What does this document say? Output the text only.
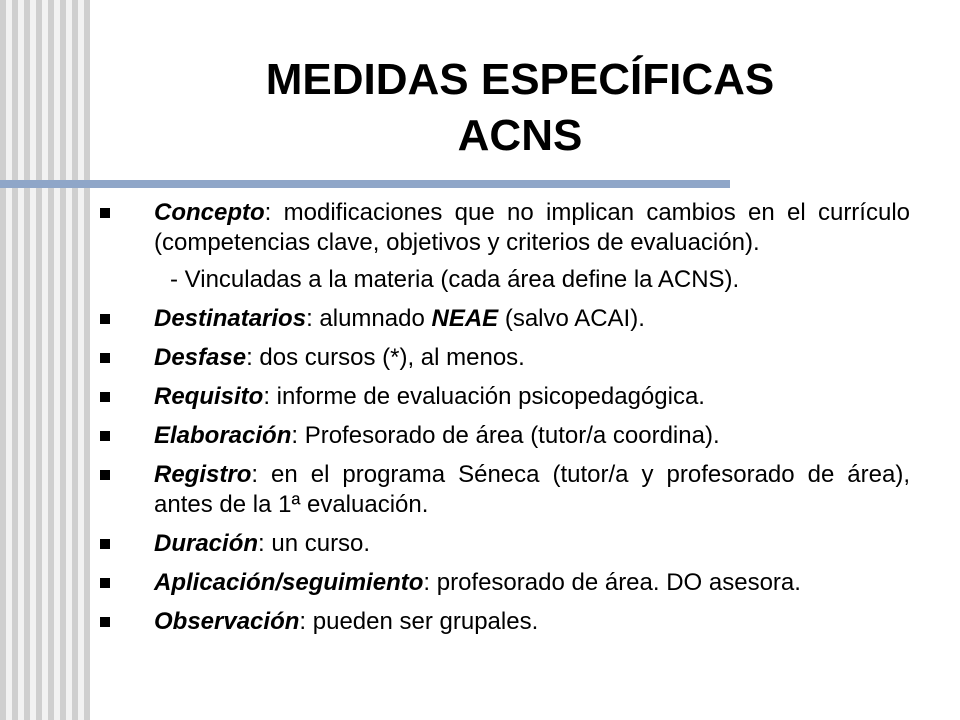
MEDIDAS ESPECÍFICAS
ACNS
Concepto: modificaciones que no implican cambios en el currículo (competencias clave, objetivos y criterios de evaluación).
- Vinculadas a la materia (cada área define la ACNS).
Destinatarios: alumnado NEAE (salvo ACAI).
Desfase: dos cursos (*), al menos.
Requisito: informe de evaluación psicopedagógica.
Elaboración: Profesorado de área (tutor/a coordina).
Registro: en el programa Séneca (tutor/a y profesorado de área), antes de la 1ª evaluación.
Duración: un curso.
Aplicación/seguimiento: profesorado de área. DO asesora.
Observación: pueden ser grupales.
